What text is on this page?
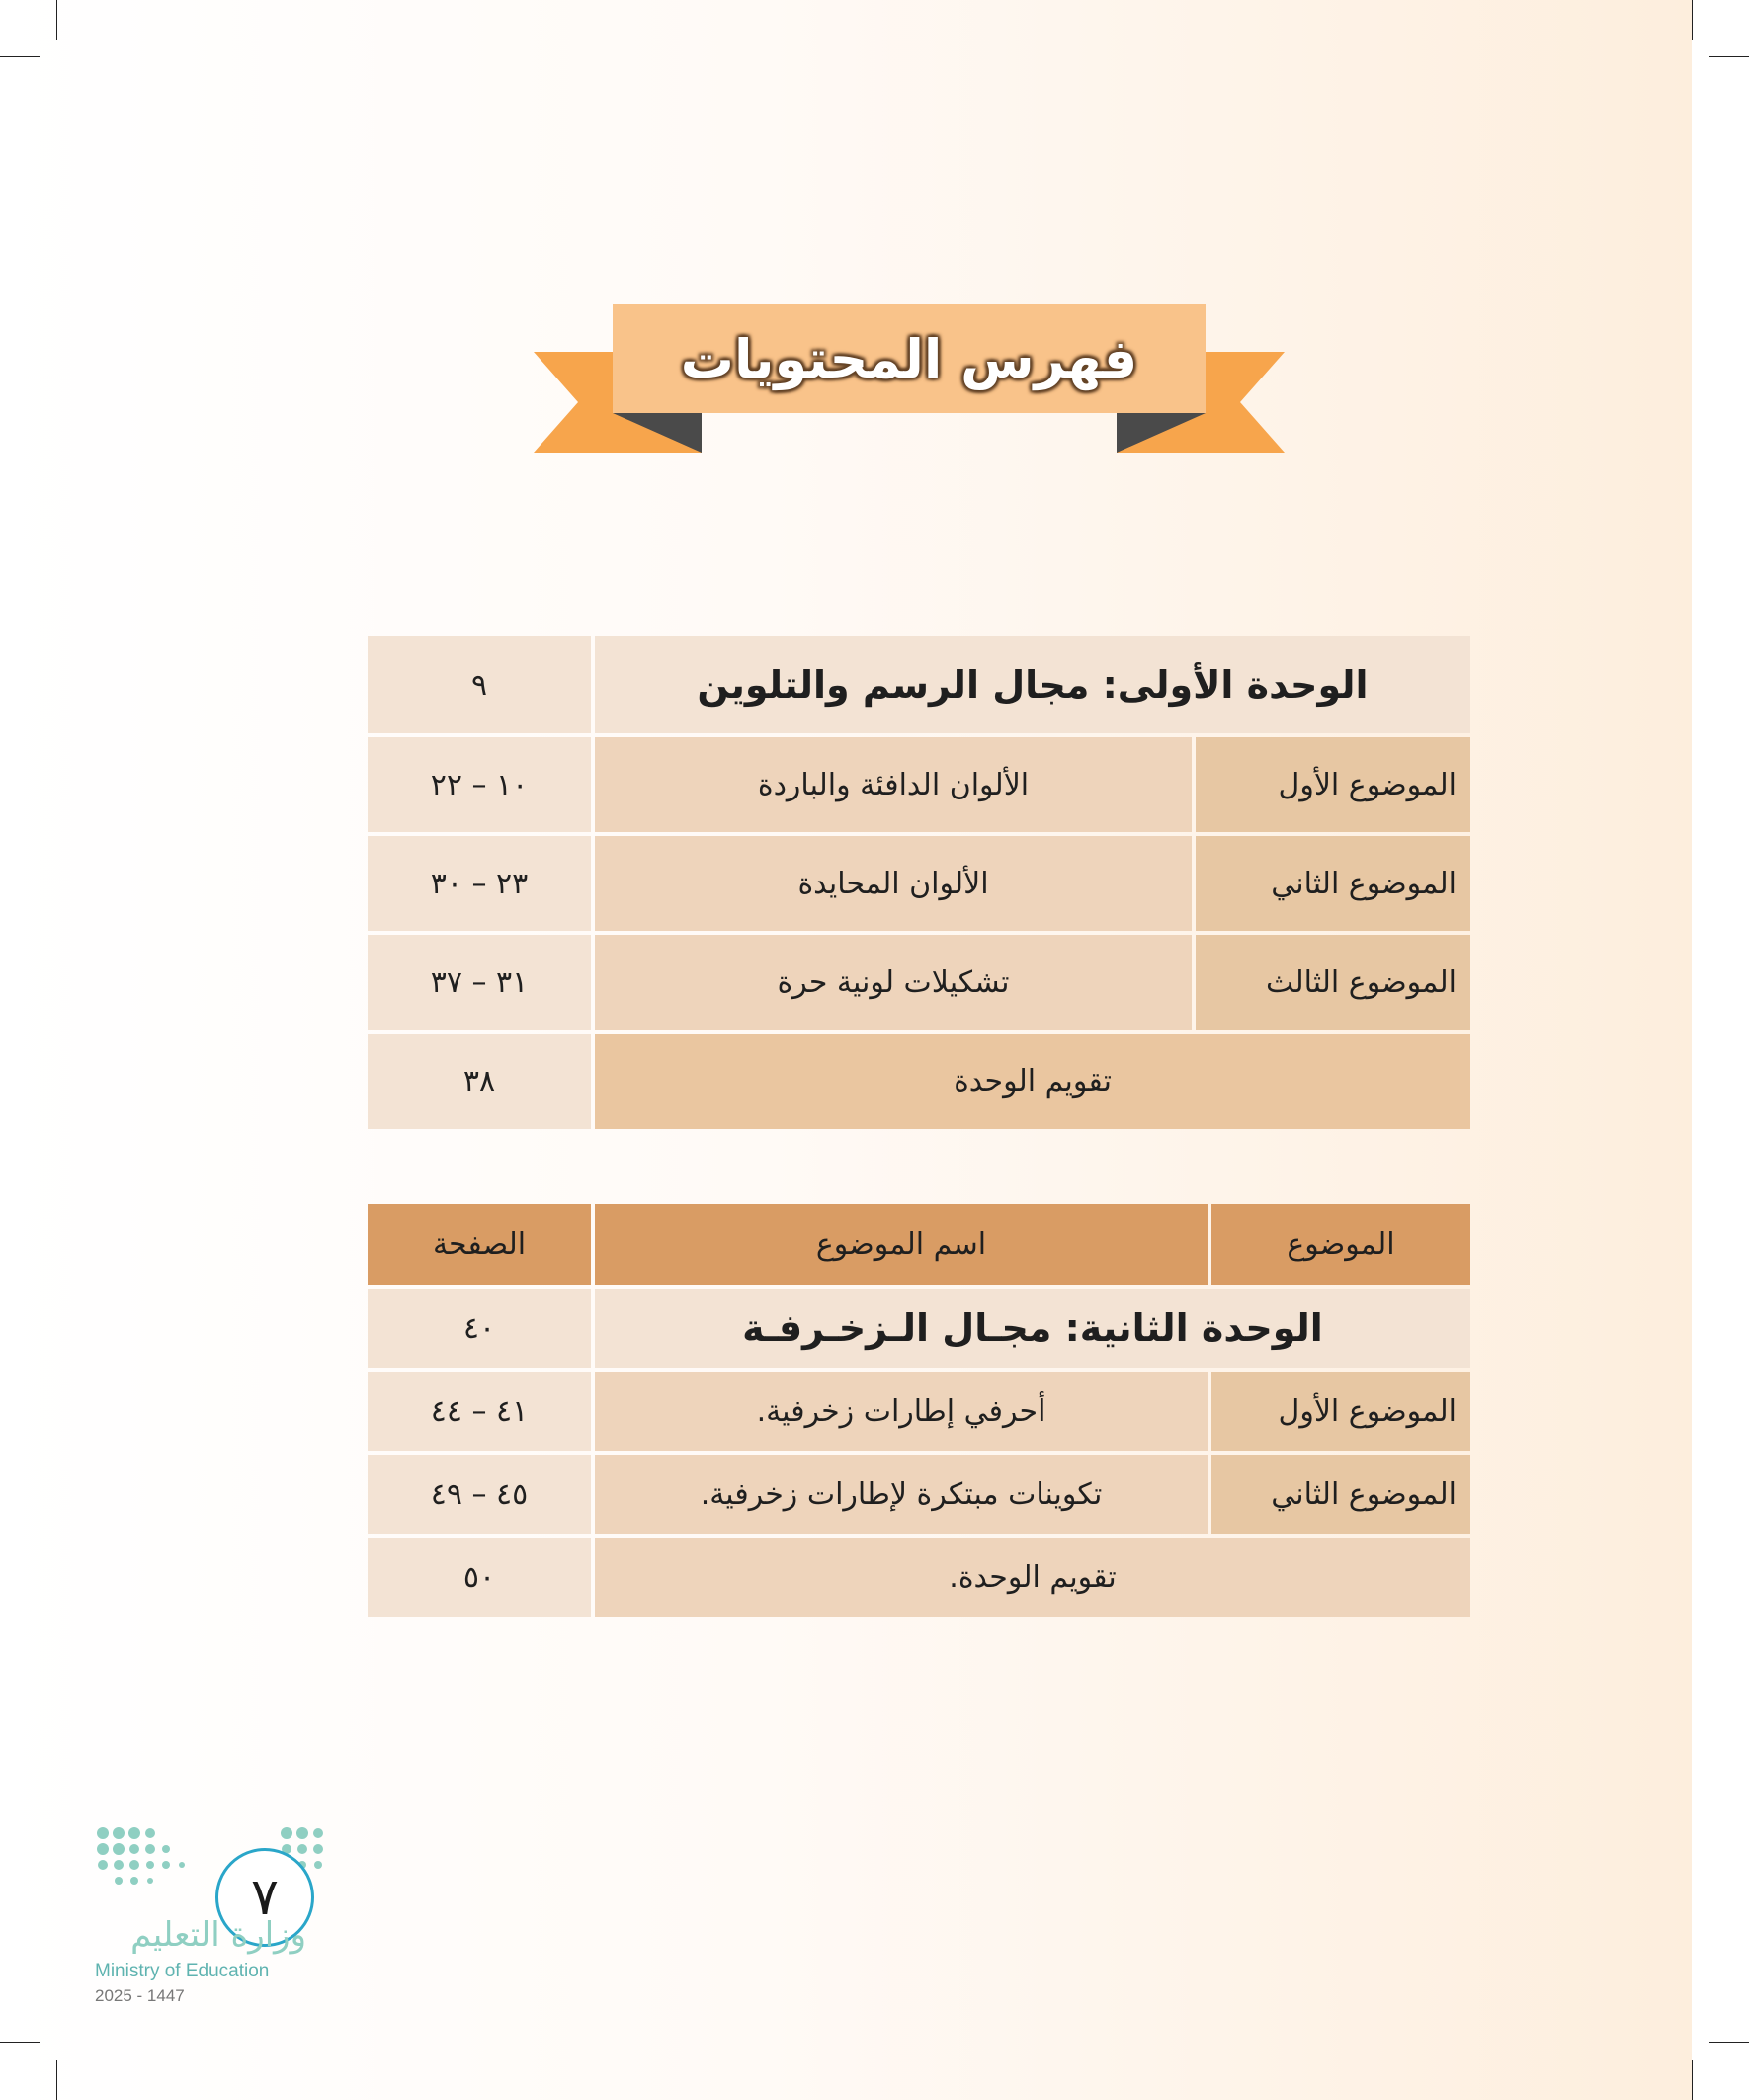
فهرس المحتويات
الوحدة الأولى: مجال الرسم والتلوين		٩
الموضوع الأول	الألوان الدافئة والباردة	١٠ – ٢٢
الموضوع الثاني	الألوان المحايدة	٢٣ – ٣٠
الموضوع الثالث	تشكيلات لونية حرة	٣١ – ٣٧
تقويم الوحدة		٣٨
الموضوع	اسم الموضوع	الصفحة
الوحدة الثانية: مجـال الـزخـرفـة		٤٠
الموضوع الأول	أحرفي إطارات زخرفية.	٤١ – ٤٤
الموضوع الثاني	تكوينات مبتكرة لإطارات زخرفية.	٤٥ – ٤٩
تقويم الوحدة.		٥٠
٧
وزارة التعليم
Ministry of Education
2025 - 1447
